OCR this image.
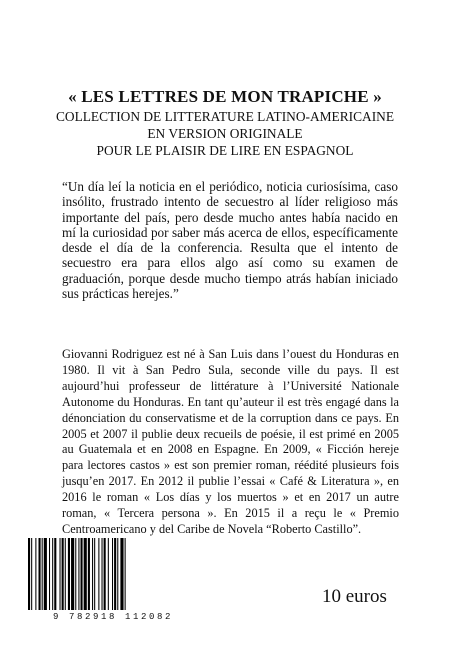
« LES LETTRES DE MON TRAPICHE »
COLLECTION DE LITTERATURE LATINO-AMERICAINE
EN VERSION ORIGINALE
POUR LE PLAISIR DE LIRE EN ESPAGNOL
“Un día leí la noticia en el periódico, noticia curiosísima, caso insólito, frustrado intento de secuestro al líder religioso más importante del país, pero desde mucho antes había nacido en mí la curiosidad por saber más acerca de ellos, específicamente desde el día de la conferencia. Resulta que el intento de secuestro era para ellos algo así como su examen de graduación, porque desde mucho tiempo atrás habían iniciado sus prácticas herejes.”
Giovanni Rodriguez est né à San Luis dans l’ouest du Honduras en 1980. Il vit à San Pedro Sula, seconde ville du pays. Il est aujourd’hui professeur de littérature à l’Université Nationale Autonome du Honduras. En tant qu’auteur il est très engagé dans la dénonciation du conservatisme et de la corruption dans ce pays. En 2005 et 2007 il publie deux recueils de poésie, il est primé en 2005 au Guatemala et en 2008 en Espagne. En 2009, « Ficción hereje para lectores castos » est son premier roman, réédité plusieurs fois jusqu’en 2017. En 2012 il publie l’essai « Café & Literatura », en 2016 le roman « Los días y los muertos » et en 2017 un autre roman, « Tercera persona ». En 2015 il a reçu le « Premio Centroamericano y del Caribe de Novela “Roberto Castillo”.
9 782918 112082
10 euros
